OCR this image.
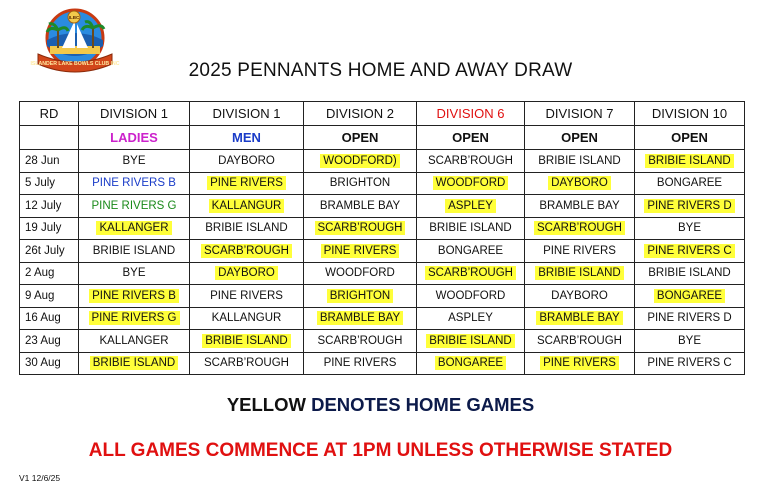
ILBC
ISLANDER LAKE BOWLS CLUB INC	2025 PENNANTS HOME AND AWAY DRAW
RD	DIVISION 1	DIVISION 1	DIVISION 2	DIVISION 6	DIVISION 7	DIVISION 10
	LADIES	MEN	OPEN	OPEN	OPEN	OPEN
28 Jun	BYE	DAYBORO	WOODFORD)	SCARB’ROUGH	BRIBIE ISLAND	BRIBIE ISLAND
5 July	PINE RIVERS B	PINE RIVERS	BRIGHTON	WOODFORD	DAYBORO	BONGAREE
12 July	PINE RIVERS G	KALLANGUR	BRAMBLE BAY	ASPLEY	BRAMBLE BAY	PINE RIVERS D
19 July	KALLANGER	BRIBIE ISLAND	SCARB’ROUGH	BRIBIE ISLAND	SCARB’ROUGH	BYE
26t July	BRIBIE ISLAND	SCARB’ROUGH	PINE RIVERS	BONGAREE	PINE RIVERS	PINE RIVERS C
2 Aug	BYE	DAYBORO	WOODFORD	SCARB’ROUGH	BRIBIE ISLAND	BRIBIE ISLAND
9 Aug	PINE RIVERS B	PINE RIVERS	BRIGHTON	WOODFORD	DAYBORO	BONGAREE
16 Aug	PINE RIVERS G	KALLANGUR	BRAMBLE BAY	ASPLEY	BRAMBLE BAY	PINE RIVERS D
23 Aug	KALLANGER	BRIBIE ISLAND	SCARB’ROUGH	BRIBIE ISLAND	SCARB’ROUGH	BYE
30 Aug	BRIBIE ISLAND	SCARB’ROUGH	PINE RIVERS	BONGAREE	PINE RIVERS	PINE RIVERS C
YELLOW DENOTES HOME GAMES
ALL GAMES COMMENCE AT 1PM UNLESS OTHERWISE STATED
V1 12/6/25
